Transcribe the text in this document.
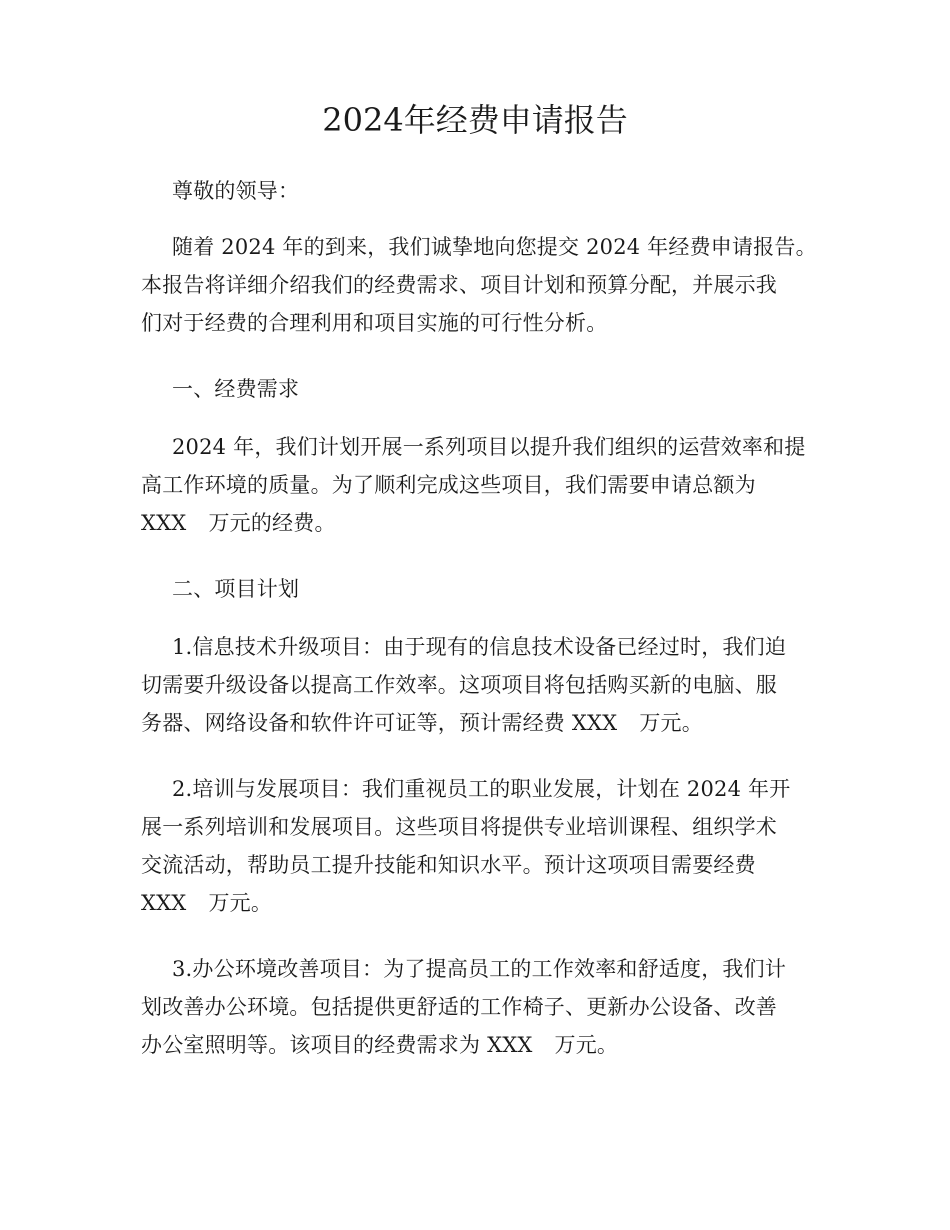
2024年经费申请报告

尊敬的领导：

随着 2024 年的到来，我们诚挚地向您提交 2024 年经费申请报告。
本报告将详细介绍我们的经费需求、项目计划和预算分配，并展示我
们对于经费的合理利用和项目实施的可行性分析。

一、经费需求

2024 年，我们计划开展一系列项目以提升我们组织的运营效率和提
高工作环境的质量。为了顺利完成这些项目，我们需要申请总额为
XXX 万元的经费。

二、项目计划

1.信息技术升级项目：由于现有的信息技术设备已经过时，我们迫
切需要升级设备以提高工作效率。这项项目将包括购买新的电脑、服
务器、网络设备和软件许可证等，预计需经费 XXX 万元。

2.培训与发展项目：我们重视员工的职业发展，计划在 2024 年开
展一系列培训和发展项目。这些项目将提供专业培训课程、组织学术
交流活动，帮助员工提升技能和知识水平。预计这项项目需要经费
XXX 万元。

3.办公环境改善项目：为了提高员工的工作效率和舒适度，我们计
划改善办公环境。包括提供更舒适的工作椅子、更新办公设备、改善
办公室照明等。该项目的经费需求为 XXX 万元。
